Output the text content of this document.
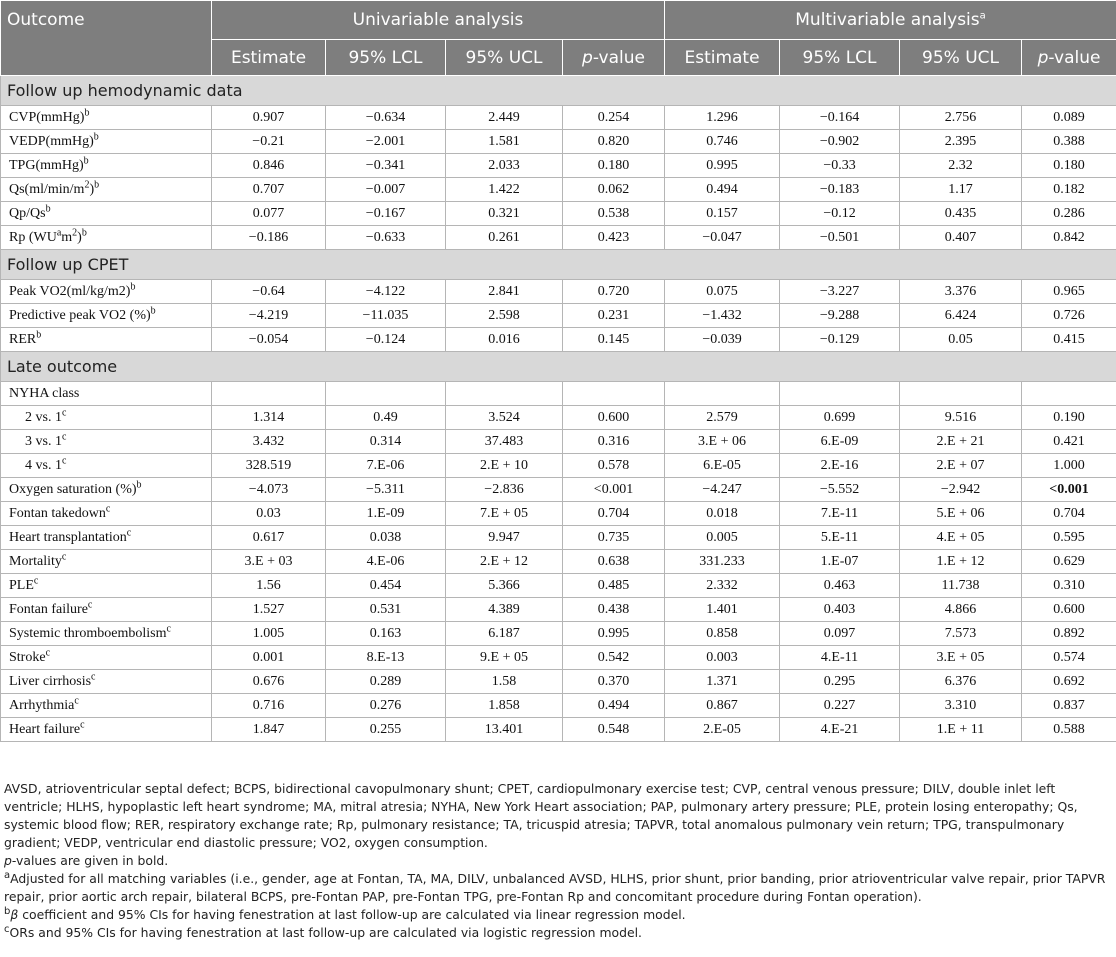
Outcome	Univariable analysis				Multivariable analysis$^a$
	Estimate	95% LCL	95% UCL	p-value	Estimate	95% LCL	95% UCL	p-value
Follow up hemodynamic data								
CVP(mmHg)$^b$	0.907	−0.634	2.449	0.254	1.296	−0.164	2.756	0.089
VEDP(mmHg)$^b$	−0.21	−2.001	1.581	0.820	0.746	−0.902	2.395	0.388
TPG(mmHg)$^b$	0.846	−0.341	2.033	0.180	0.995	−0.33	2.32	0.180
$Qs(ml/\min/m^2)^b$	0.707	−0.007	1.422	0.062	0.494	−0.183	1.17	0.182
Qp/Qs$^b$	0.077	−0.167	0.321	0.538	0.157	−0.12	0.435	0.286
Rp $(WU^am^2)^b$	−0.186	−0.633	0.261	0.423	−0.047	−0.501	0.407	0.842
Follow up CPET								
Peak $VO2(ml/kg/m2)^b$	−0.64	−4.122	2.841	0.720	0.075	−3.227	3.376	0.965
Predictive peak VO2 (%)$^b$	−4.219	−11.035	2.598	0.231	−1.432	−9.288	6.424	0.726
$RER^b$	−0.054	−0.124	0.016	0.145	−0.039	−0.129	0.05	0.415
Late outcome								
NYHA class								
2 vs. 1$^c$	1.314	0.49	3.524	0.600	2.579	0.699	9.516	0.190
3 vs. 1$^c$	3.432	0.314	37.483	0.316	3.E + 06	6.E-09	2.E + 21	0.421
4 vs. 1$^c$	328.519	7.E-06	2.E + 10	0.578	6.E-05	2.E-16	2.E + 07	1.000
Oxygen saturation (%)$^b$	−4.073	−5.311	−2.836	<0.001	−4.247	−5.552	−2.942	<0.001
Fontan takedown$^c$	0.03	1.E-09	7.E + 05	0.704	0.018	7.E-11	5.E + 06	0.704
Heart transplantation$^c$	0.617	0.038	9.947	0.735	0.005	5.E-11	4.E + 05	0.595
Mortality$^c$	3.E + 03	4.E-06	2.E + 12	0.638	331.233	1.E-07	1.E + 12	0.629
PLE$^c$	1.56	0.454	5.366	0.485	2.332	0.463	11.738	0.310
Fontan failure$^c$	1.527	0.531	4.389	0.438	1.401	0.403	4.866	0.600
Systemic thromboembolism$^c$	1.005	0.163	6.187	0.995	0.858	0.097	7.573	0.892
Stroke$^c$	0.001	8.E-13	9.E + 05	0.542	0.003	4.E-11	3.E + 05	0.574
Liver cirrhosis$^c$	0.676	0.289	1.58	0.370	1.371	0.295	6.376	0.692
Arrhythmia$^c$	0.716	0.276	1.858	0.494	0.867	0.227	3.310	0.837
Heart failure$^c$	1.847	0.255	13.401	0.548	2.E-05	4.E-21	1.E + 11	0.588

AVSD, atrioventricular septal defect; BCPS, bidirectional cavopulmonary shunt; CPET, cardiopulmonary exercise test; CVP, central venous pressure; DILV, double inlet left ventricle; HLHS, hypoplastic left heart syndrome; MA, mitral atresia; NYHA, New York Heart association; PAP, pulmonary artery pressure; PLE, protein losing enteropathy; Qs, systemic blood flow; RER, respiratory exchange rate; Rp, pulmonary resistance; TA, tricuspid atresia; TAPVR, total anomalous pulmonary vein return; TPG, transpulmonary gradient; VEDP, ventricular end diastolic pressure; VO2, oxygen consumption.

p-values are given in bold.

$^a$Adjusted for all matching variables (i.e., gender, age at Fontan, TA, MA, DILV, unbalanced AVSD, HLHS, prior shunt, prior banding, prior atrioventricular valve repair, prior TAPVR repair, prior aortic arch repair, bilateral BCPS, pre-Fontan PAP, pre-Fontan TPG, pre-Fontan Rp and concomitant procedure during Fontan operation).

$^b$β coefficient and 95% CIs for having fenestration at last follow-up are calculated via linear regression model.

$^c$ORs and 95% CIs for having fenestration at last follow-up are calculated via logistic regression model.
